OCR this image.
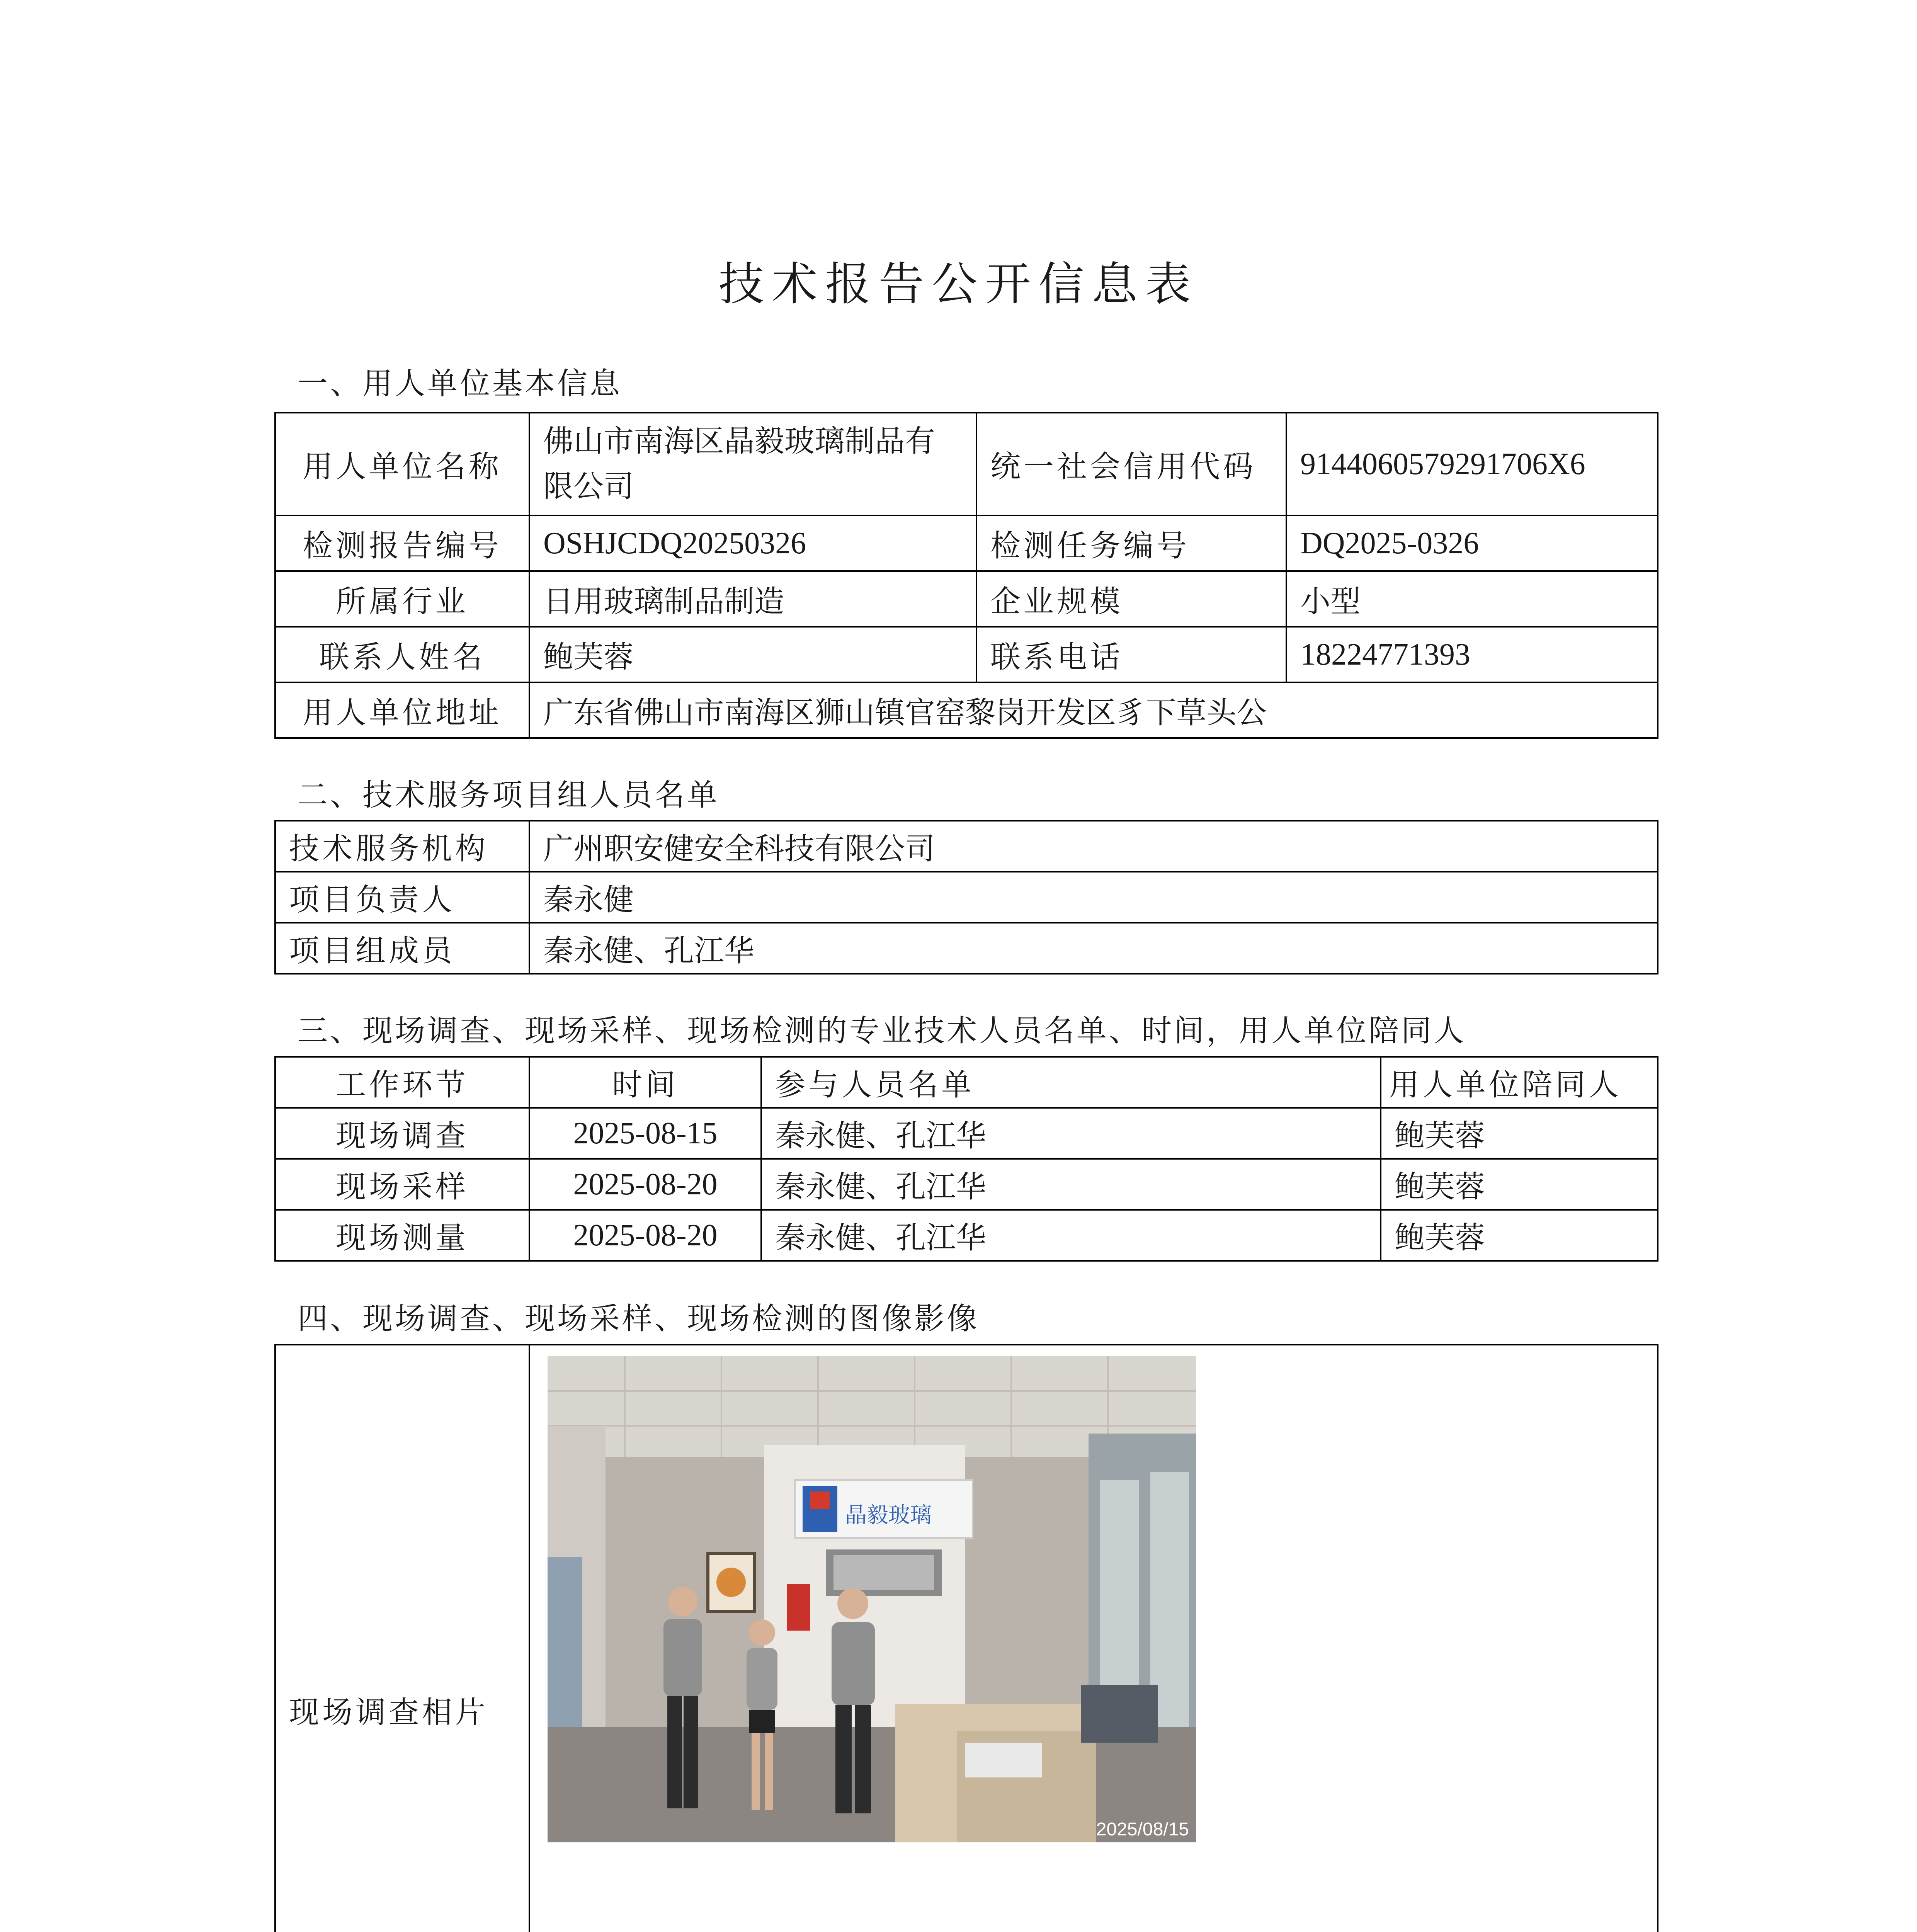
技术报告公开信息表
一、用人单位基本信息
用人单位名称	佛山市南海区晶毅玻璃制品有限公司	统一社会信用代码	9144060579291706X6
检测报告编号	OSHJCDQ20250326	检测任务编号	DQ2025-0326
所属行业	日用玻璃制品制造	企业规模	小型
联系人姓名	鲍芙蓉	联系电话	18224771393
用人单位地址	广东省佛山市南海区狮山镇官窑黎岗开发区豸下草头公		
二、技术服务项目组人员名单
技术服务机构	广州职安健安全科技有限公司
项目负责人	秦永健
项目组成员	秦永健、孔江华
三、现场调查、现场采样、现场检测的专业技术人员名单、时间，用人单位陪同人
工作环节	时间	参与人员名单	用人单位陪同人
现场调查	2025-08-15	秦永健、孔江华	鲍芙蓉
现场采样	2025-08-20	秦永健、孔江华	鲍芙蓉
现场测量	2025-08-20	秦永健、孔江华	鲍芙蓉
四、现场调查、现场采样、现场检测的图像影像
现场调查相片	
晶毅玻璃
2025/08/15
